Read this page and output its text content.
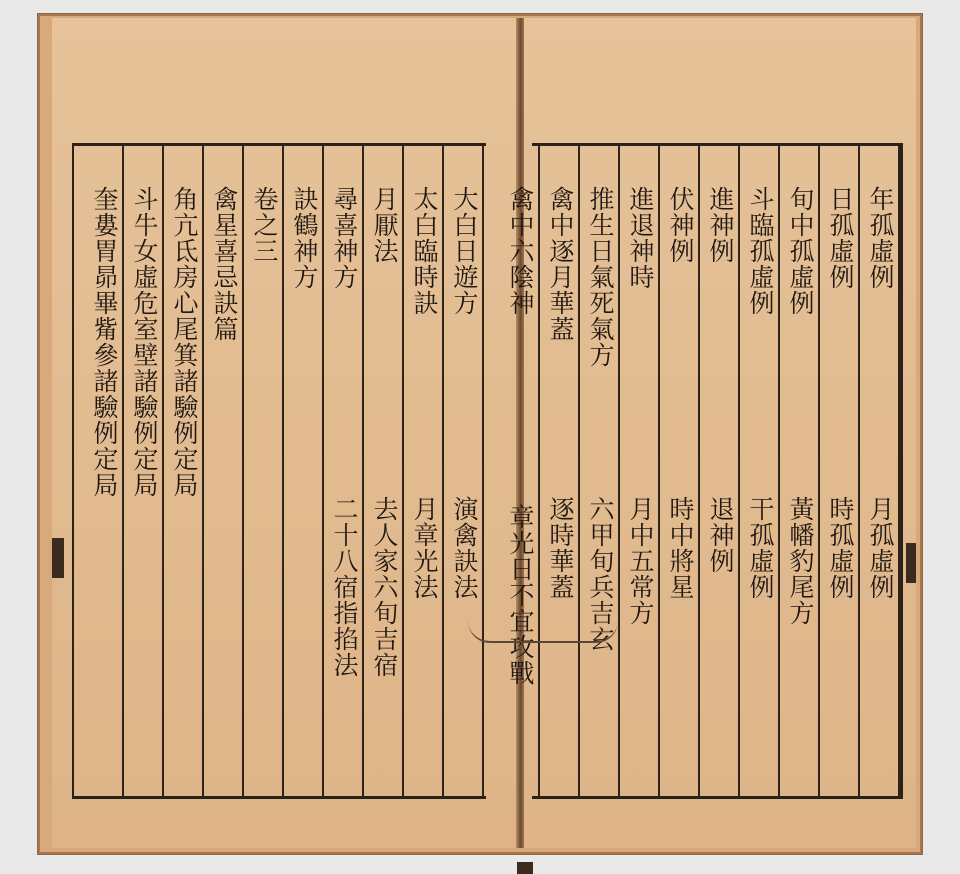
大白日遊方
演禽訣法
太白臨時訣
月章光法
月厭法
去人家六旬吉宿
尋喜神方
二十八宿指掐法
訣鶴神方
卷之三
禽星喜忌訣篇
角亢氐房心尾箕諸驗例定局
斗牛女虛危室壁諸驗例定局
奎婁胃昴畢觜參諸驗例定局	年孤虛例
月孤虛例
日孤虛例
時孤虛例
旬中孤虛例
黃幡豹尾方
斗臨孤虛例
干孤虛例
進神例
退神例
伏神例
時中將星
進退神時
月中五常方
推生日氣死氣方
六甲旬兵吉玄
禽中逐月華蓋
逐時華蓋
禽中六陰神
章光日不宜攻戰
